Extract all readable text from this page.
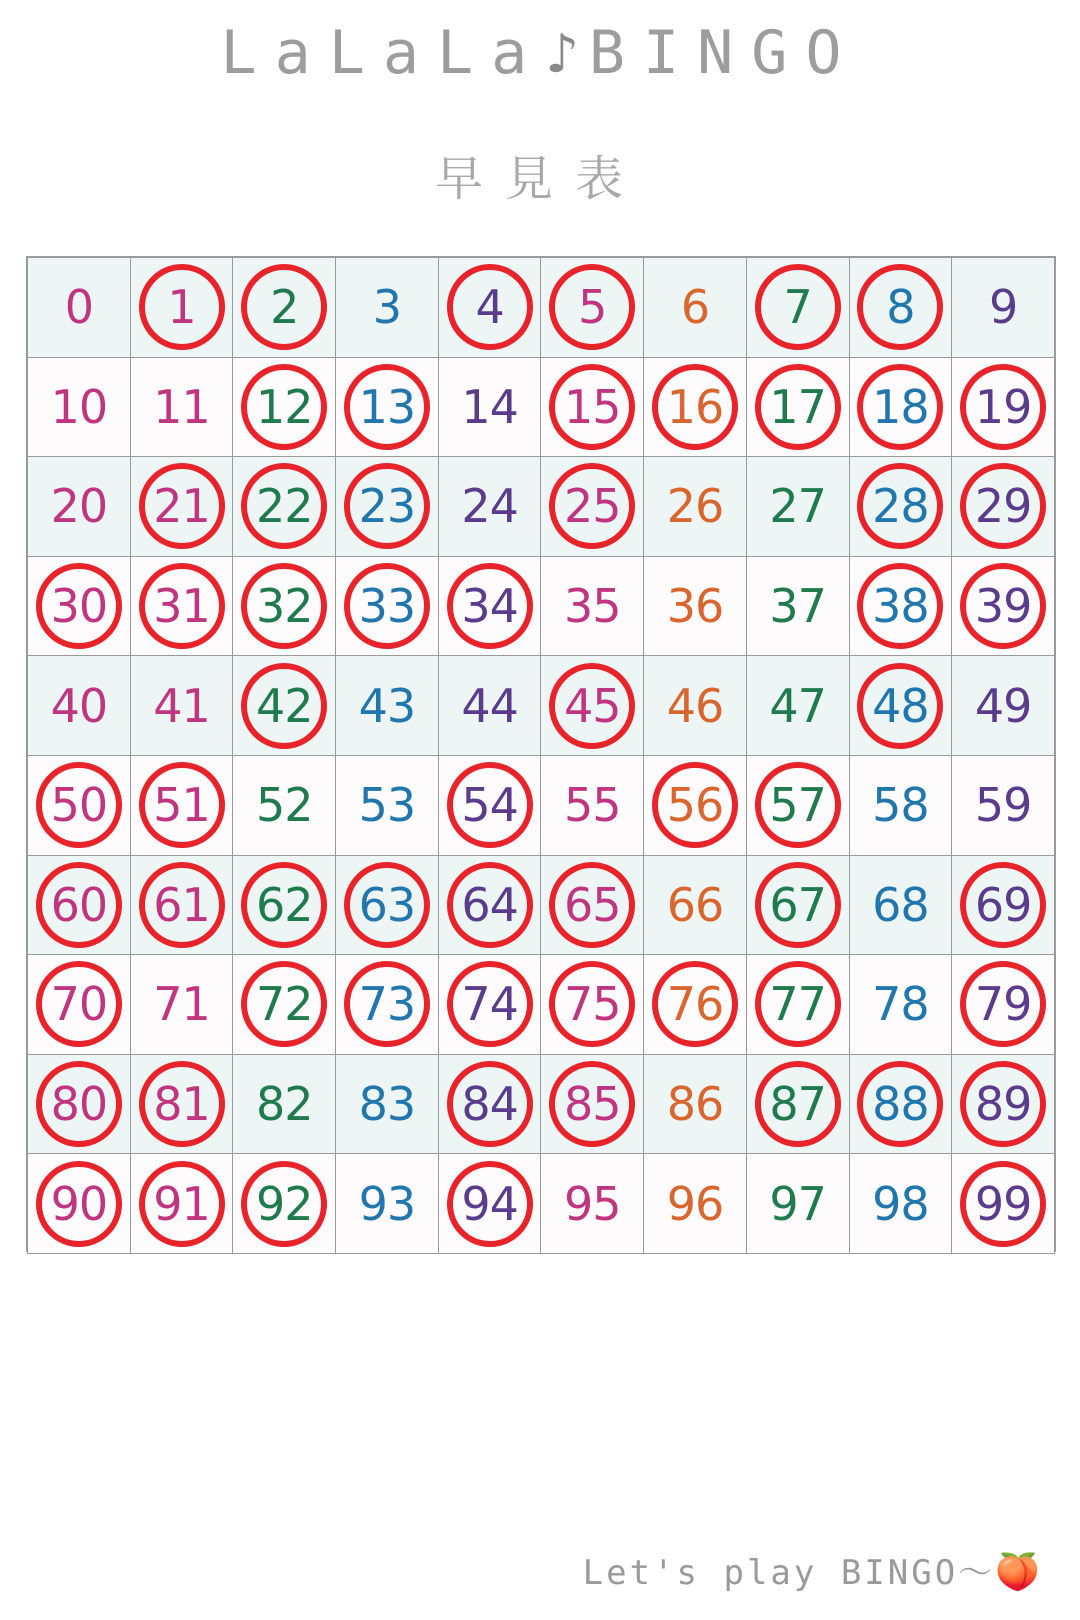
LaLaLa♪BINGO
早見表
0	1	2	3	4	5	6	7	8	9

10	11	12	13	14	15	16	17	18	19

20	21	22	23	24	25	26	27	28	29

30	31	32	33	34	35	36	37	38	39

40	41	42	43	44	45	46	47	48	49

50	51	52	53	54	55	56	57	58	59

60	61	62	63	64	65	66	67	68	69

70	71	72	73	74	75	76	77	78	79

80	81	82	83	84	85	86	87	88	89

90	91	92	93	94	95	96	97	98	99
Let's play BINGO〜🍑
